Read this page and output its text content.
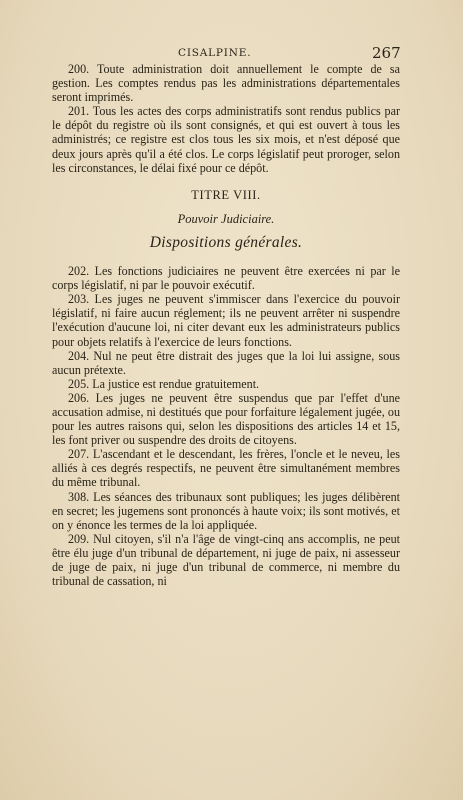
CISALPINE.	267

200. Toute administration doit annuellement le compte de sa gestion. Les comptes rendus pas les administrations départementales seront imprimés.

201. Tous les actes des corps administratifs sont rendus publics par le dépôt du registre où ils sont consignés, et qui est ouvert à tous les administrés; ce registre est clos tous les six mois, et n'est déposé que deux jours après qu'il a été clos. Le corps législatif peut proroger, selon les circonstances, le délai fixé pour ce dépôt.

TITRE VIII.
Pouvoir Judiciaire.
Dispositions générales.

202. Les fonctions judiciaires ne peuvent être exercées ni par le corps législatif, ni par le pouvoir exécutif.

203. Les juges ne peuvent s'immiscer dans l'exercice du pouvoir législatif, ni faire aucun réglement; ils ne peuvent arrêter ni suspendre l'exécution d'aucune loi, ni citer devant eux les administrateurs publics pour objets relatifs à l'exercice de leurs fonctions.

204. Nul ne peut être distrait des juges que la loi lui assigne, sous aucun prétexte.

205. La justice est rendue gratuitement.

206. Les juges ne peuvent être suspendus que par l'effet d'une accusation admise, ni destitués que pour forfaiture légalement jugée, ou pour les autres raisons qui, selon les dispositions des articles 14 et 15, les font priver ou suspendre des droits de citoyens.

207. L'ascendant et le descendant, les frères, l'oncle et le neveu, les alliés à ces degrés respectifs, ne peuvent être simultanément membres du même tribunal.

308. Les séances des tribunaux sont publiques; les juges délibèrent en secret; les jugemens sont prononcés à haute voix; ils sont motivés, et on y énonce les termes de la loi appliquée.

209. Nul citoyen, s'il n'a l'âge de vingt-cinq ans accomplis, ne peut être élu juge d'un tribunal de département, ni juge de paix, ni assesseur de juge de paix, ni juge d'un tribunal de commerce, ni membre du tribunal de cassation, ni
